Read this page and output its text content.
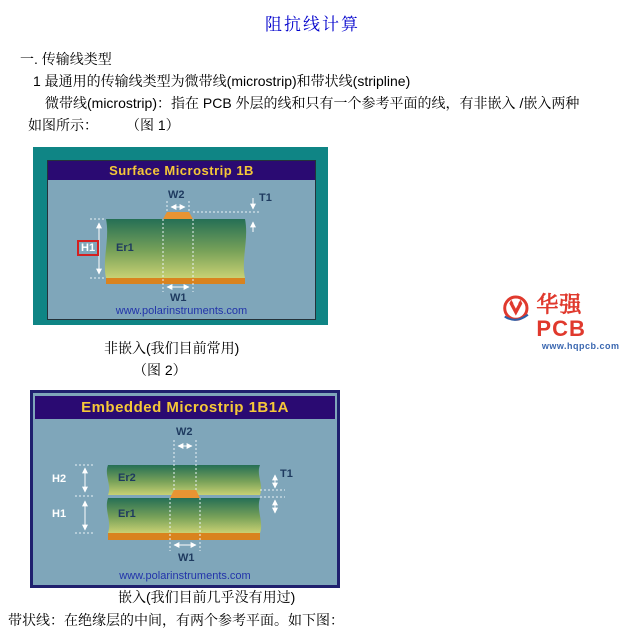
阻抗线计算
一. 传输线类型
1 最通用的传输线类型为微带线(microstrip)和带状线(stripline)
微带线(microstrip)：指在 PCB 外层的线和只有一个参考平面的线，有非嵌入 /嵌入两种
如图所示：　　　（图 1）
Surface Microstrip 1B
W2	T1
H1	Er1
W1
www.polarinstruments.com
非嵌入(我们目前常用)
（图 2）
华强PCB
www.hqpcb.com
Embedded Microstrip 1B1A
W2
H2	Er2	T1
H1	Er1
W1
www.polarinstruments.com
嵌入(我们目前几乎没有用过)
带状线：在绝缘层的中间，有两个参考平面。如下图：
